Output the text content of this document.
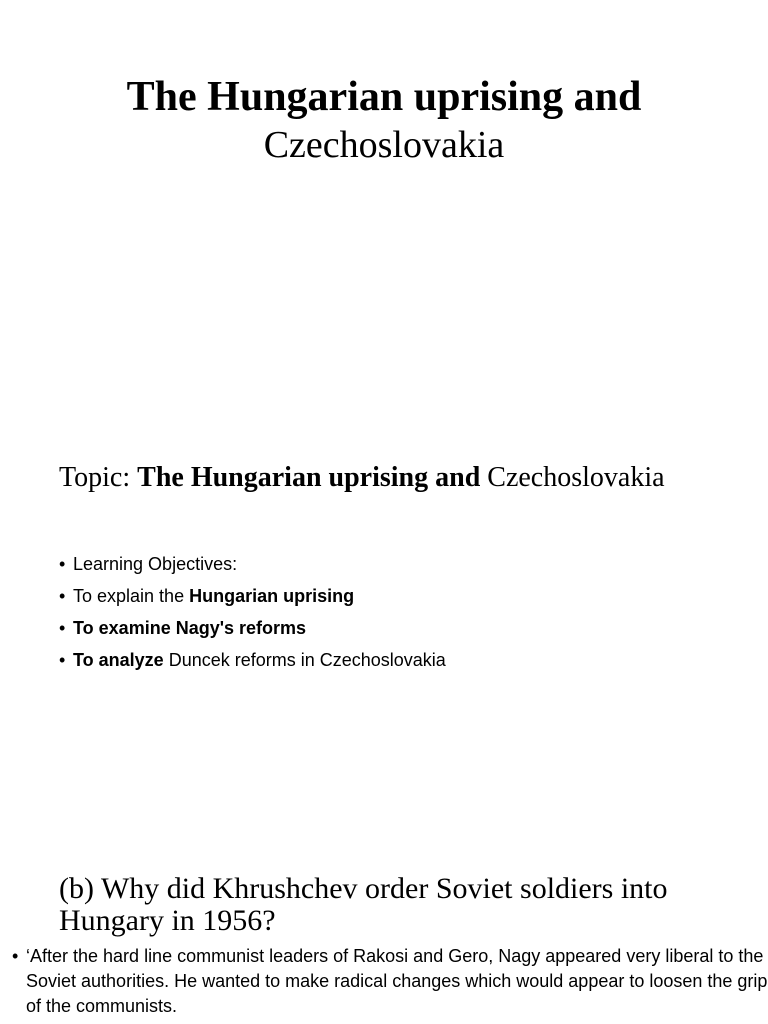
The Hungarian uprising and
Czechoslovakia
Topic: The Hungarian uprising and Czechoslovakia
• Learning Objectives:
• To explain the Hungarian uprising
• To examine Nagy's reforms
• To analyze Duncek reforms in Czechoslovakia
(b) Why did Khrushchev order Soviet soldiers into Hungary in 1956?
• ‘After the hard line communist leaders of Rakosi and Gero, Nagy appeared very liberal to the Soviet authorities. He wanted to make radical changes which would appear to loosen the grip of the communists.
